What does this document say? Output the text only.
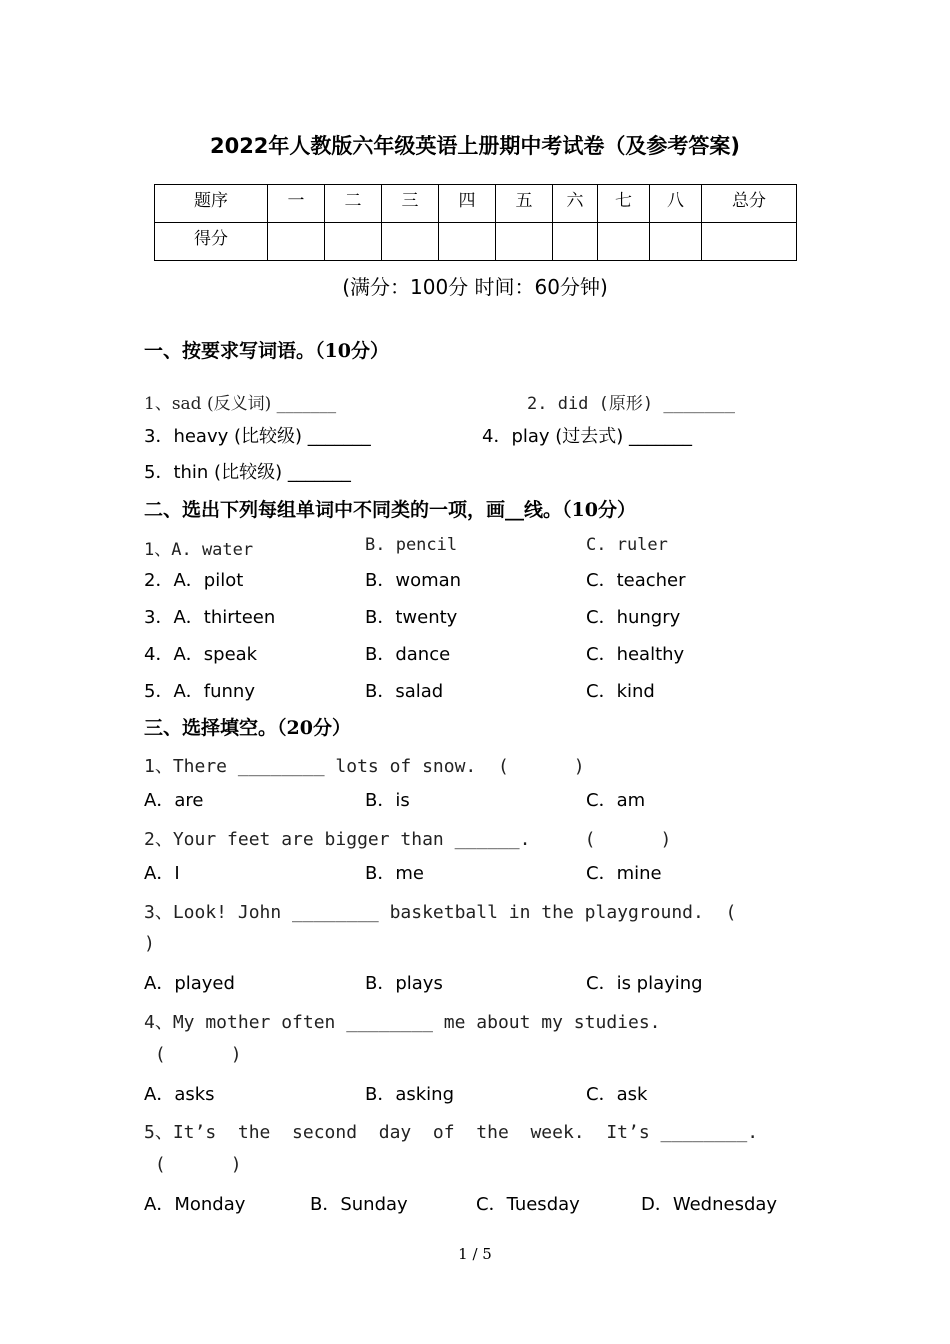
2022年人教版六年级英语上册期中考试卷（及参考答案)
题序	一	二	三	四	五	六	七	八	总分
得分									
(满分：100分 时间：60分钟)
一、按要求写词语。（10分）
1、sad (反义词) _______	2. did (原形) _______
3．heavy (比较级) _______	4．play (过去式) _______
5．thin (比较级) _______
二、选出下列每组单词中不同类的一项，画__线。（10分）
1、A. water	B. pencil	C. ruler
2．A．pilot	B．woman	C．teacher
3．A．thirteen	B．twenty	C．hungry
4．A．speak	B．dance	C．healthy
5．A．funny	B．salad	C．kind
三、选择填空。（20分）
1、There ________ lots of snow.  (      )
A．are	B．is	C．am
2、Your feet are bigger than ______.     (      )
A．I	B．me	C．mine
3、Look! John ________ basketball in the playground.  (
)
A．played	B．plays	C．is playing
4、My mother often ________ me about my studies.
(      )
A．asks	B．asking	C．ask
5、It’s  the  second  day  of  the  week.  It’s ________.
(      )
A．Monday	B．Sunday	C．Tuesday	D．Wednesday
1 / 5
